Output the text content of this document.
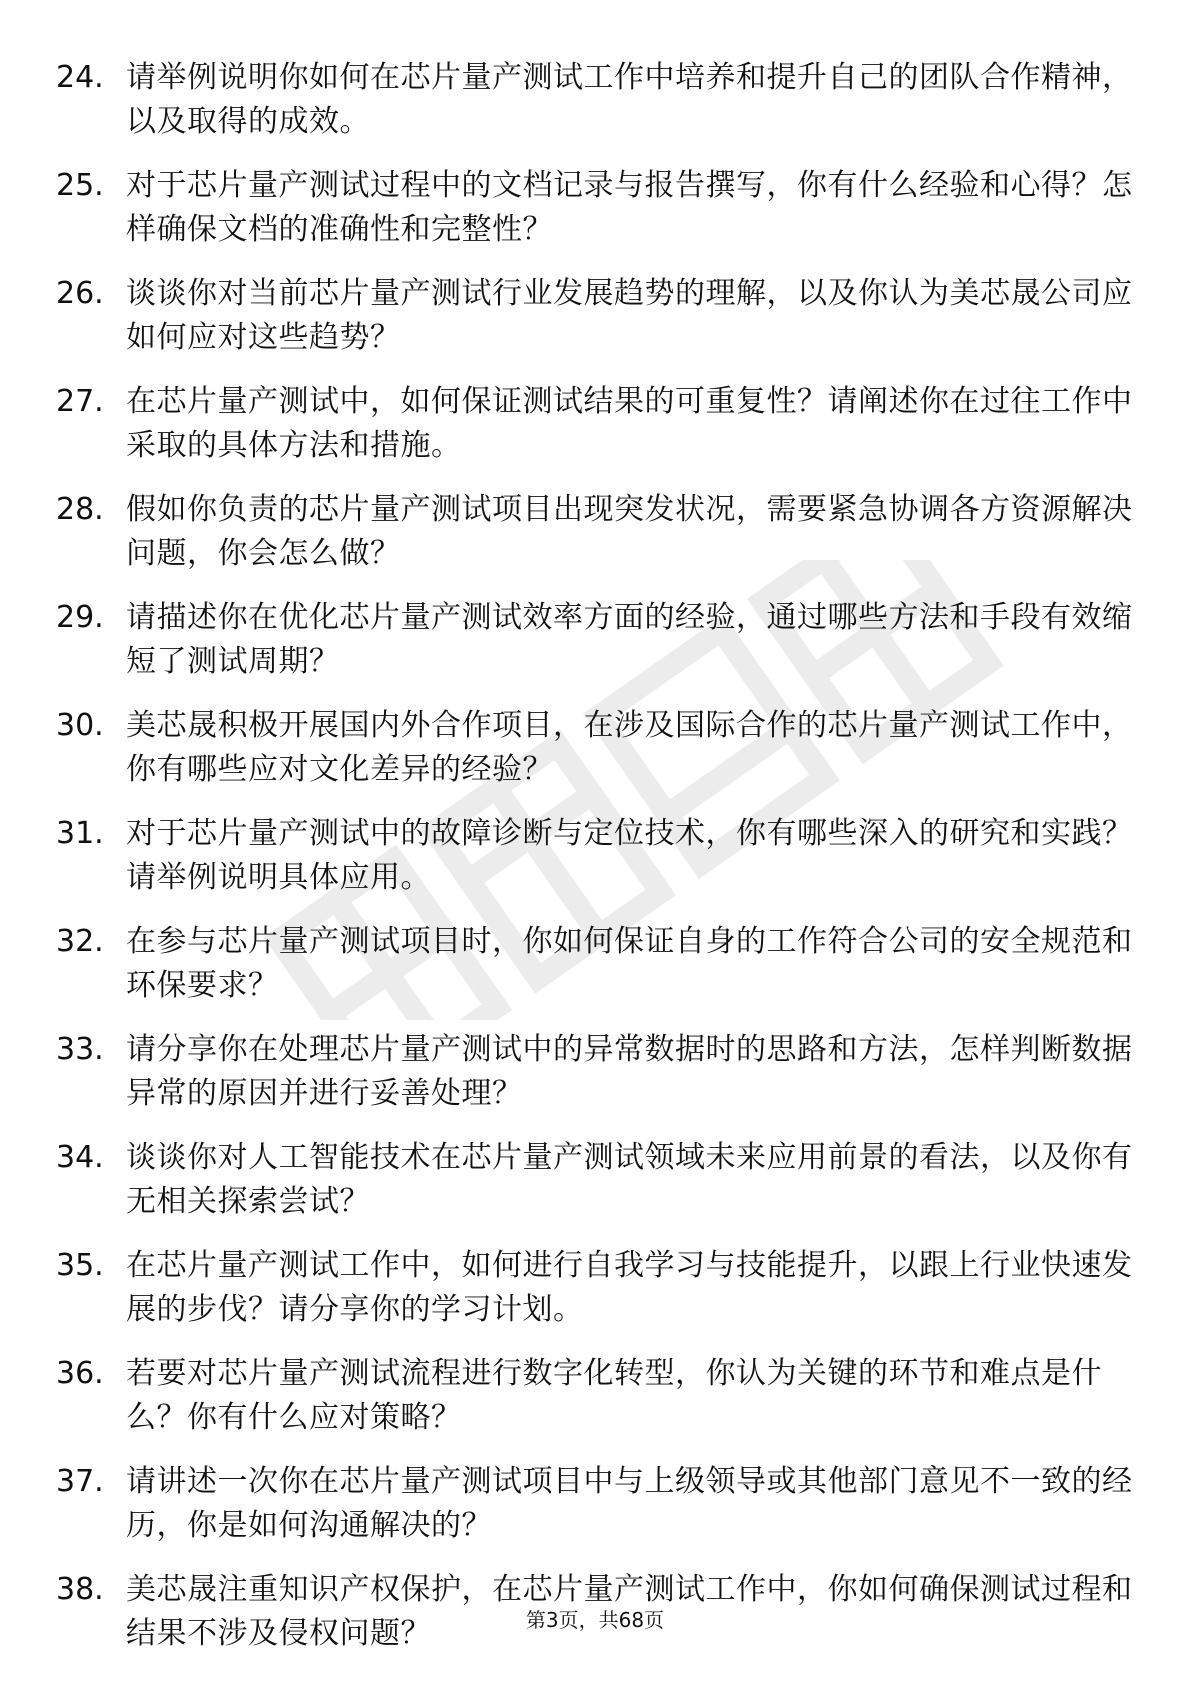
24. 请举例说明你如何在芯片量产测试工作中培养和提升自己的团队合作精神，以及取得的成效。
25. 对于芯片量产测试过程中的文档记录与报告撰写，你有什么经验和心得？怎样确保文档的准确性和完整性？
26. 谈谈你对当前芯片量产测试行业发展趋势的理解，以及你认为美芯晟公司应如何应对这些趋势？
27. 在芯片量产测试中，如何保证测试结果的可重复性？请阐述你在过往工作中采取的具体方法和措施。
28. 假如你负责的芯片量产测试项目出现突发状况，需要紧急协调各方资源解决问题，你会怎么做？
29. 请描述你在优化芯片量产测试效率方面的经验，通过哪些方法和手段有效缩短了测试周期？
30. 美芯晟积极开展国内外合作项目，在涉及国际合作的芯片量产测试工作中，你有哪些应对文化差异的经验？
31. 对于芯片量产测试中的故障诊断与定位技术，你有哪些深入的研究和实践？请举例说明具体应用。
32. 在参与芯片量产测试项目时，你如何保证自身的工作符合公司的安全规范和环保要求？
33. 请分享你在处理芯片量产测试中的异常数据时的思路和方法，怎样判断数据异常的原因并进行妥善处理？
34. 谈谈你对人工智能技术在芯片量产测试领域未来应用前景的看法，以及你有无相关探索尝试？
35. 在芯片量产测试工作中，如何进行自我学习与技能提升，以跟上行业快速发展的步伐？请分享你的学习计划。
36. 若要对芯片量产测试流程进行数字化转型，你认为关键的环节和难点是什么？你有什么应对策略？
37. 请讲述一次你在芯片量产测试项目中与上级领导或其他部门意见不一致的经历，你是如何沟通解决的？
38. 美芯晟注重知识产权保护，在芯片量产测试工作中，你如何确保测试过程和结果不涉及侵权问题？	第3页，共68页
